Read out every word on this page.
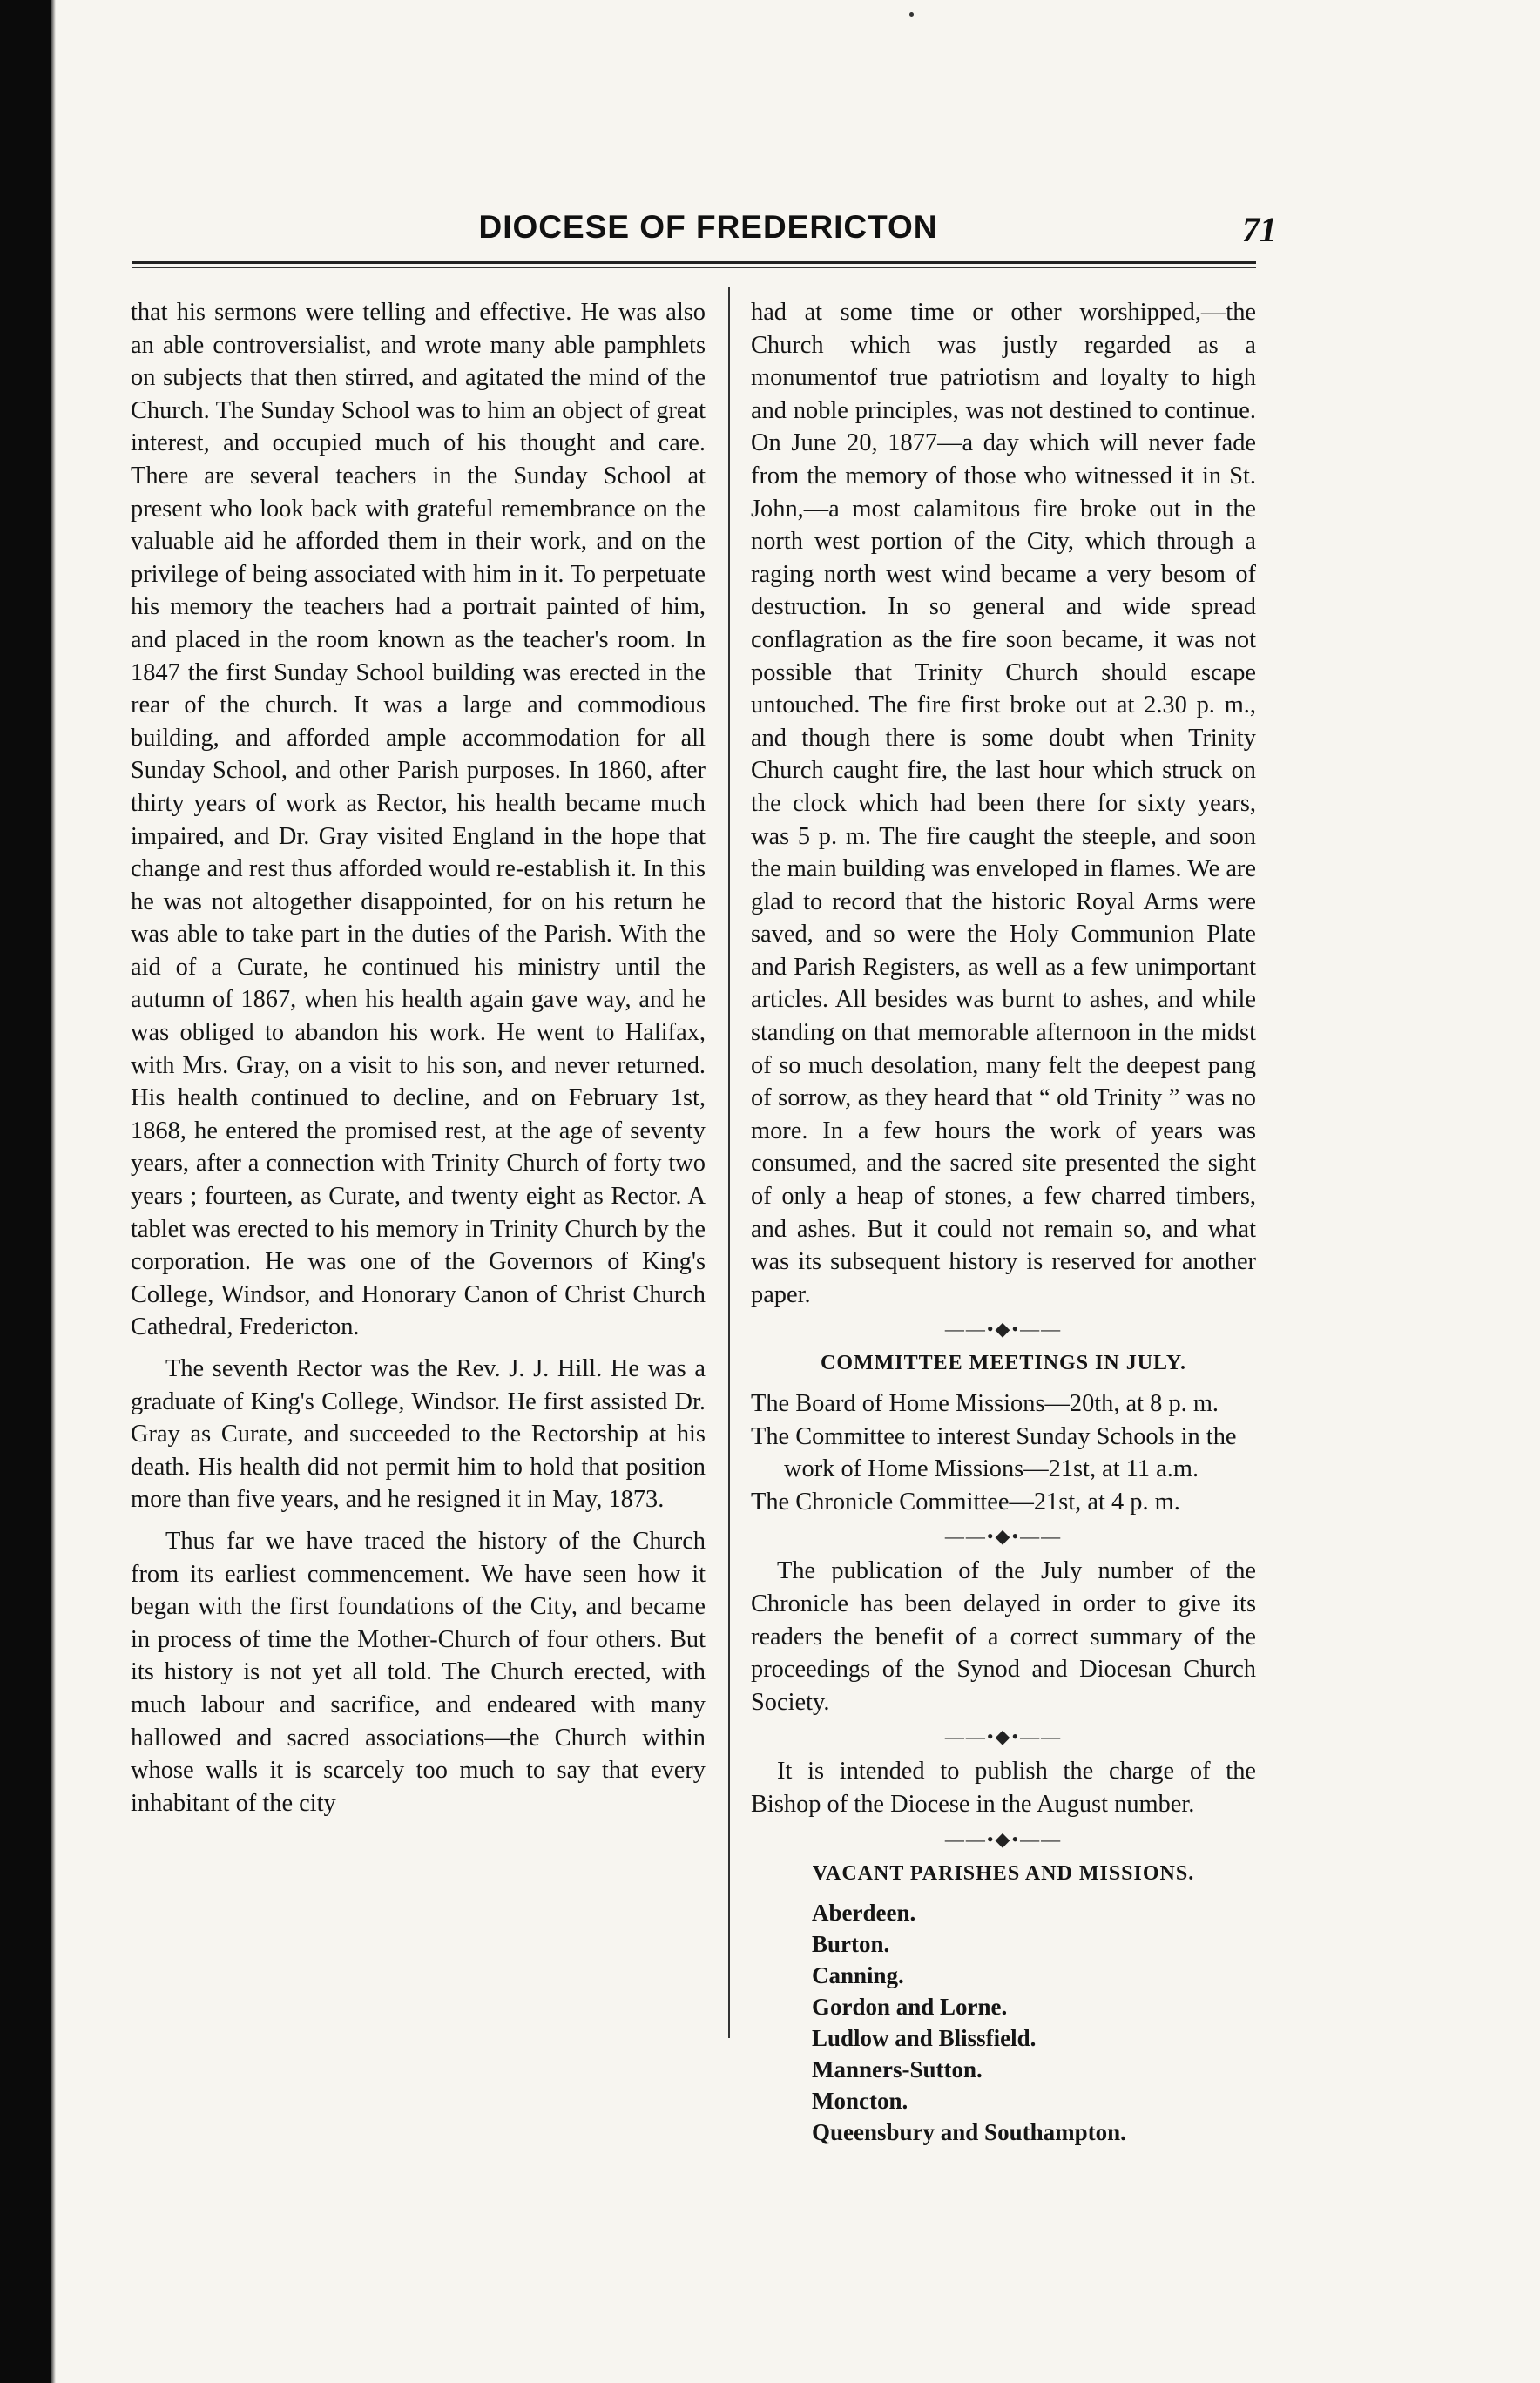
DIOCESE OF FREDERICTON	71

that his sermons were telling and effective. He was also an able controversialist, and wrote many able pamphlets on subjects that then stirred, and agitated the mind of the Church. The Sunday School was to him an object of great interest, and occupied much of his thought and care. There are several teachers in the Sunday School at present who look back with grateful remembrance on the valuable aid he afforded them in their work, and on the privilege of being associated with him in it. To perpetuate his memory the teachers had a portrait painted of him, and placed in the room known as the teacher's room. In 1847 the first Sunday School building was erected in the rear of the church. It was a large and commodious building, and afforded ample accommodation for all Sunday School, and other Parish purposes. In 1860, after thirty years of work as Rector, his health became much impaired, and Dr. Gray visited England in the hope that change and rest thus afforded would re-establish it. In this he was not altogether disappointed, for on his return he was able to take part in the duties of the Parish. With the aid of a Curate, he continued his ministry until the autumn of 1867, when his health again gave way, and he was obliged to abandon his work. He went to Halifax, with Mrs. Gray, on a visit to his son, and never returned. His health continued to decline, and on February 1st, 1868, he entered the promised rest, at the age of seventy years, after a connection with Trinity Church of forty two years ; fourteen, as Curate, and twenty eight as Rector. A tablet was erected to his memory in Trinity Church by the corporation. He was one of the Governors of King's College, Windsor, and Honorary Canon of Christ Church Cathedral, Fredericton.

The seventh Rector was the Rev. J. J. Hill. He was a graduate of King's College, Windsor. He first assisted Dr. Gray as Curate, and succeeded to the Rectorship at his death. His health did not permit him to hold that position more than five years, and he resigned it in May, 1873.

Thus far we have traced the history of the Church from its earliest commencement. We have seen how it began with the first foundations of the City, and became in process of time the Mother-Church of four others. But its history is not yet all told. The Church erected, with much labour and sacrifice, and endeared with many hallowed and sacred associations—the Church within whose walls it is scarcely too much to say that every inhabitant of the city

had at some time or other worshipped,—the Church which was justly regarded as a monumentof true patriotism and loyalty to high and noble principles, was not destined to continue. On June 20, 1877—a day which will never fade from the memory of those who witnessed it in St. John,—a most calamitous fire broke out in the north west portion of the City, which through a raging north west wind became a very besom of destruction. In so general and wide spread conflagration as the fire soon became, it was not possible that Trinity Church should escape untouched. The fire first broke out at 2.30 p. m., and though there is some doubt when Trinity Church caught fire, the last hour which struck on the clock which had been there for sixty years, was 5 p. m. The fire caught the steeple, and soon the main building was enveloped in flames. We are glad to record that the historic Royal Arms were saved, and so were the Holy Communion Plate and Parish Registers, as well as a few unimportant articles. All besides was burnt to ashes, and while standing on that memorable afternoon in the midst of so much desolation, many felt the deepest pang of sorrow, as they heard that “ old Trinity ” was no more. In a few hours the work of years was consumed, and the sacred site presented the sight of only a heap of stones, a few charred timbers, and ashes. But it could not remain so, and what was its subsequent history is reserved for another paper.

——•◆•——
COMMITTEE MEETINGS IN JULY.
The Board of Home Missions—20th, at 8 p. m.
The Committee to interest Sunday Schools in the work of Home Missions—21st, at 11 a.m.
The Chronicle Committee—21st, at 4 p. m.
——•◆•——

The publication of the July number of the Chronicle has been delayed in order to give its readers the benefit of a correct summary of the proceedings of the Synod and Diocesan Church Society.

——•◆•——

It is intended to publish the charge of the Bishop of the Diocese in the August number.

——•◆•——
VACANT PARISHES AND MISSIONS.
Aberdeen.
Burton.
Canning.
Gordon and Lorne.
Ludlow and Blissfield.
Manners-Sutton.
Moncton.
Queensbury and Southampton.
